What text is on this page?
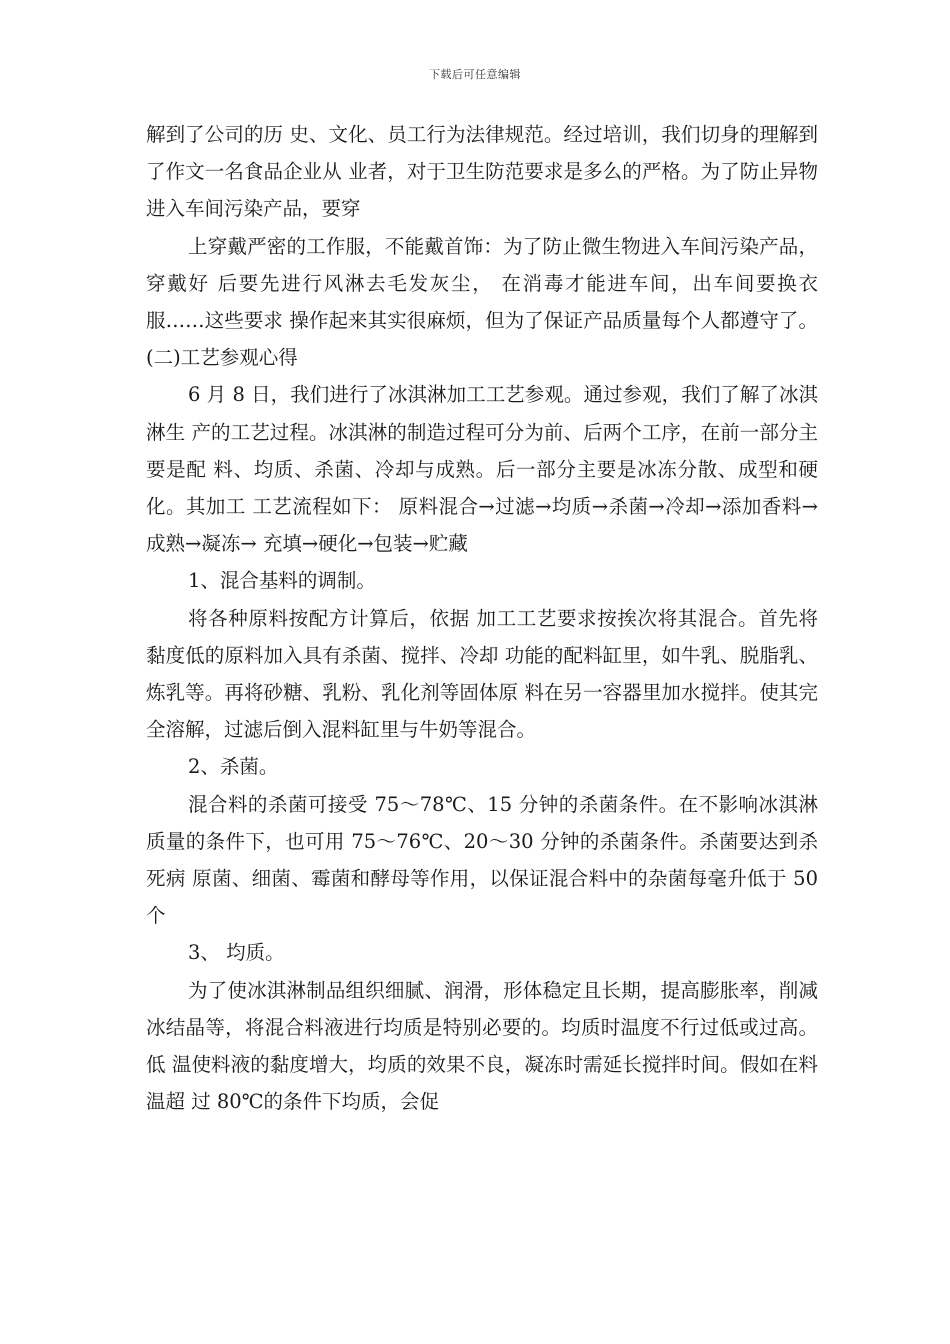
下载后可任意编辑

解到了公司的历 史、文化、员工行为法律规范。经过培训，我们切身的理解到了作文一名食品企业从 业者，对于卫生防范要求是多么的严格。为了防止异物进入车间污染产品，要穿

上穿戴严密的工作服，不能戴首饰：为了防止微生物进入车间污染产品，穿戴好 后要先进行风淋去毛发灰尘， 在消毒才能进车间，出车间要换衣服……这些要求 操作起来其实很麻烦，但为了保证产品质量每个人都遵守了。 (二)工艺参观心得

6 月 8 日，我们进行了冰淇淋加工工艺参观。通过参观，我们了解了冰淇淋生 产的工艺过程。冰淇淋的制造过程可分为前、后两个工序，在前一部分主要是配 料、均质、杀菌、冷却与成熟。后一部分主要是冰冻分散、成型和硬化。其加工 工艺流程如下： 原料混合→过滤→均质→杀菌→冷却→添加香料→成熟→凝冻→ 充填→硬化→包装→贮藏

1、混合基料的调制。

将各种原料按配方计算后，依据 加工工艺要求按挨次将其混合。首先将黏度低的原料加入具有杀菌、搅拌、冷却 功能的配料缸里，如牛乳、脱脂乳、炼乳等。再将砂糖、乳粉、乳化剂等固体原 料在另一容器里加水搅拌。使其完全溶解，过滤后倒入混料缸里与牛奶等混合。

2、杀菌。

混合料的杀菌可接受 75～78℃、15 分钟的杀菌条件。在不影响冰淇淋 质量的条件下，也可用 75～76℃、20～30 分钟的杀菌条件。杀菌要达到杀死病 原菌、细菌、霉菌和酵母等作用，以保证混合料中的杂菌每毫升低于 50 个

3、 均质。

为了使冰淇淋制品组织细腻、润滑，形体稳定且长期，提高膨胀率，削减 冰结晶等，将混合料液进行均质是特别必要的。均质时温度不行过低或过高。低 温使料液的黏度增大，均质的效果不良，凝冻时需延长搅拌时间。假如在料温超 过 80℃的条件下均质，会促
